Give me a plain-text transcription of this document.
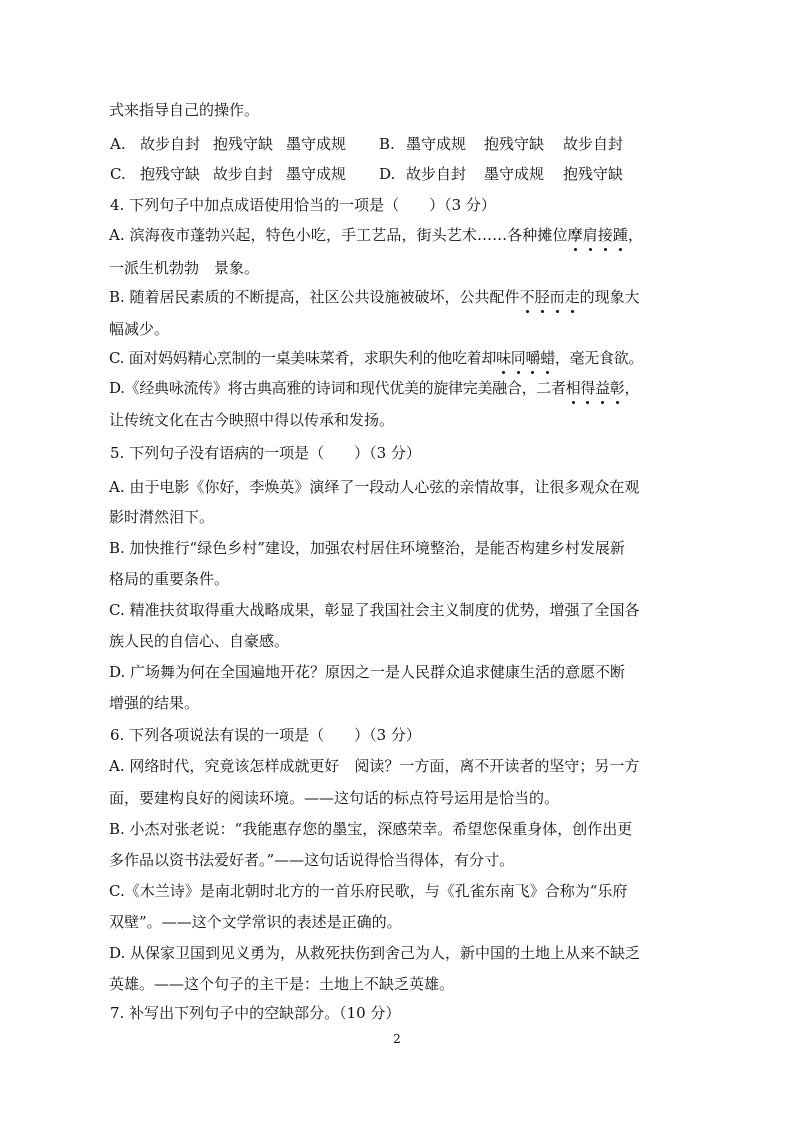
式来指导自己的操作。
A. 故步自封 抱残守缺 墨守成规 B. 墨守成规 抱残守缺 故步自封
C. 抱残守缺 故步自封 墨守成规 D. 故步自封 墨守成规 抱残守缺
4. 下列句子中加点成语使用恰当的一项是（　　）（3 分）
A. 滨海夜市蓬勃兴起，特色小吃，手工艺品，街头艺术……各种摊位摩肩接踵，
一派生机勃勃　景象。
B. 随着居民素质的不断提高，社区公共设施被破坏，公共配件不胫而走的现象大
幅减少。
C. 面对妈妈精心烹制的一桌美味菜肴，求职失利的他吃着却味同嚼蜡，毫无食欲。
D.《经典咏流传》将古典高雅的诗词和现代优美的旋律完美融合，二者相得益彰，
让传统文化在古今映照中得以传承和发扬。
5. 下列句子没有语病的一项是（　　）（3 分）
A. 由于电影《你好，李焕英》演绎了一段动人心弦的亲情故事，让很多观众在观
影时潸然泪下。
B. 加快推行“绿色乡村”建设，加强农村居住环境整治，是能否构建乡村发展新
格局的重要条件。
C. 精准扶贫取得重大战略成果，彰显了我国社会主义制度的优势，增强了全国各
族人民的自信心、自豪感。
D. 广场舞为何在全国遍地开花？原因之一是人民群众追求健康生活的意愿不断
增强的结果。
6. 下列各项说法有误的一项是（　　）（3 分）
A. 网络时代，究竟该怎样成就更好　阅读？一方面，离不开读者的坚守；另一方
面，要建构良好的阅读环境。——这句话的标点符号运用是恰当的。
B. 小杰对张老说：“我能惠存您的墨宝，深感荣幸。希望您保重身体，创作出更
多作品以资书法爱好者。”——这句话说得恰当得体，有分寸。
C.《木兰诗》是南北朝时北方的一首乐府民歌，与《孔雀东南飞》合称为“乐府
双壁”。——这个文学常识的表述是正确的。
D. 从保家卫国到见义勇为，从救死扶伤到舍己为人，新中国的土地上从来不缺乏
英雄。——这个句子的主干是：土地上不缺乏英雄。
7. 补写出下列句子中的空缺部分。（10 分）
2
